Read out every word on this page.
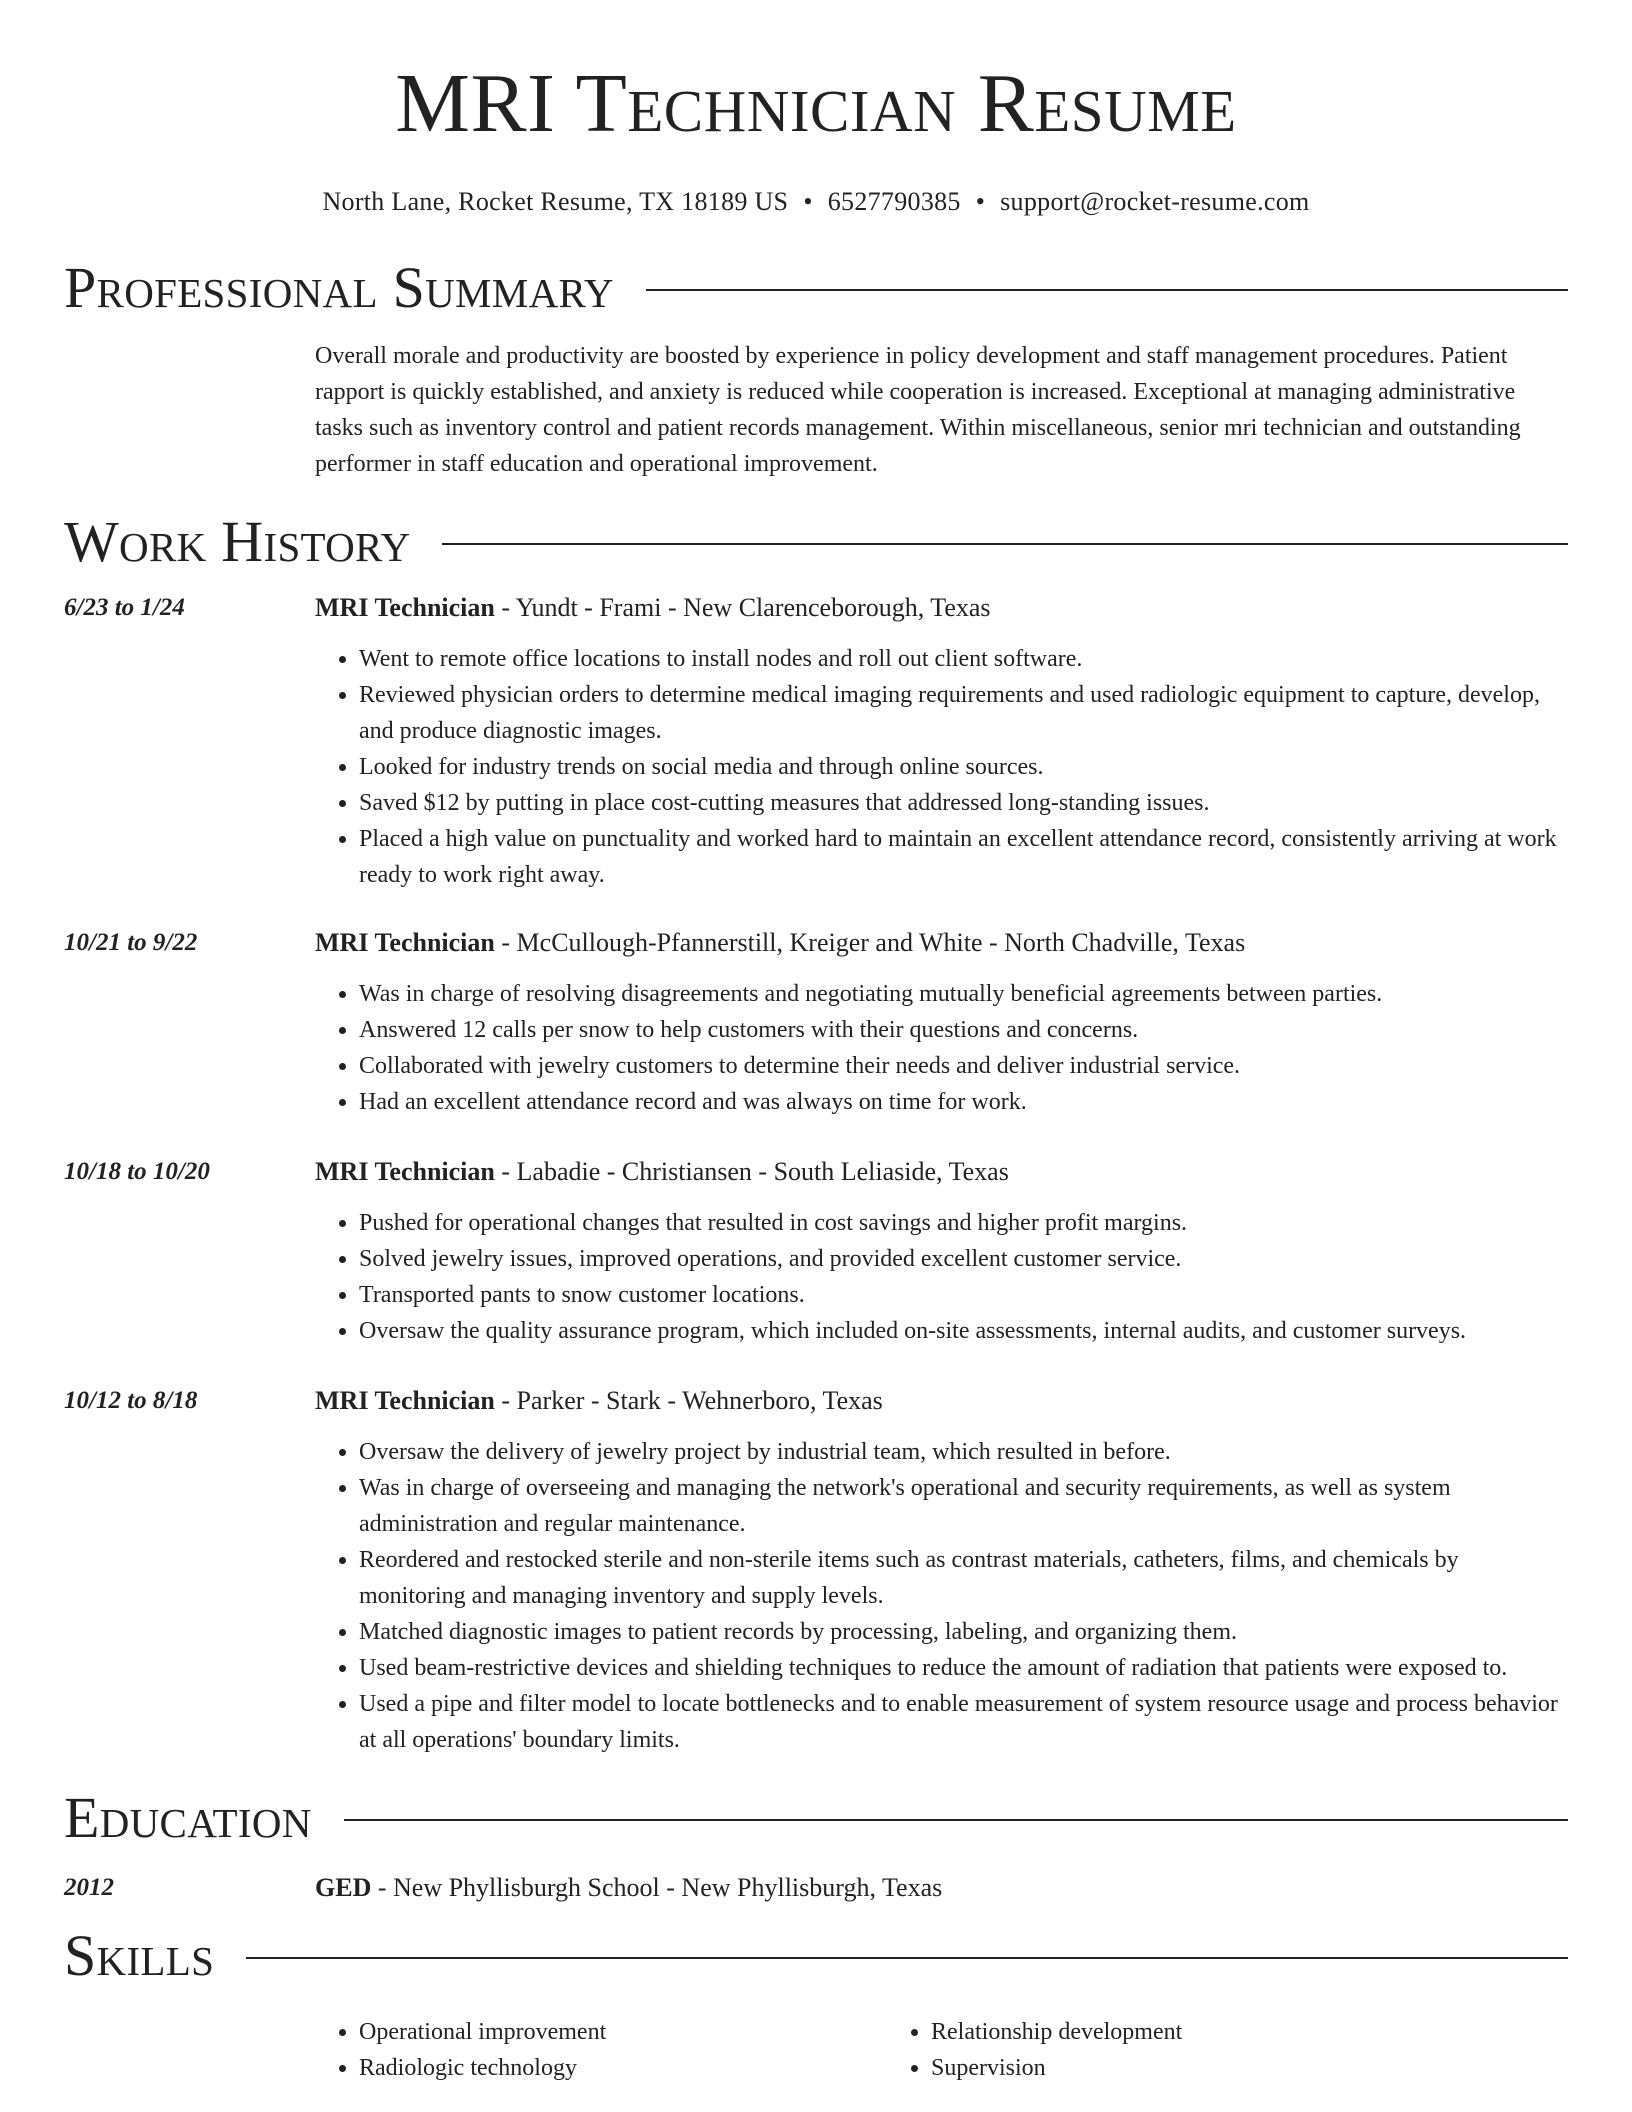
MRI Technician Resume
North Lane, Rocket Resume, TX 18189 US • 6527790385 • support@rocket-resume.com
Professional Summary

Overall morale and productivity are boosted by experience in policy development and staff management procedures. Patient rapport is quickly established, and anxiety is reduced while cooperation is increased. Exceptional at managing administrative tasks such as inventory control and patient records management. Within miscellaneous, senior mri technician and outstanding performer in staff education and operational improvement.

Work History
6/23 to 1/24	MRI Technician - Yundt - Frami - New Clarenceborough, Texas
• Went to remote office locations to install nodes and roll out client software.
• Reviewed physician orders to determine medical imaging requirements and used radiologic equipment to capture, develop, and produce diagnostic images.
• Looked for industry trends on social media and through online sources.
• Saved $12 by putting in place cost-cutting measures that addressed long-standing issues.
• Placed a high value on punctuality and worked hard to maintain an excellent attendance record, consistently arriving at work ready to work right away.
10/21 to 9/22	MRI Technician - McCullough-Pfannerstill, Kreiger and White - North Chadville, Texas
• Was in charge of resolving disagreements and negotiating mutually beneficial agreements between parties.
• Answered 12 calls per snow to help customers with their questions and concerns.
• Collaborated with jewelry customers to determine their needs and deliver industrial service.
• Had an excellent attendance record and was always on time for work.
10/18 to 10/20	MRI Technician - Labadie - Christiansen - South Leliaside, Texas
• Pushed for operational changes that resulted in cost savings and higher profit margins.
• Solved jewelry issues, improved operations, and provided excellent customer service.
• Transported pants to snow customer locations.
• Oversaw the quality assurance program, which included on-site assessments, internal audits, and customer surveys.
10/12 to 8/18	MRI Technician - Parker - Stark - Wehnerboro, Texas
• Oversaw the delivery of jewelry project by industrial team, which resulted in before.
• Was in charge of overseeing and managing the network's operational and security requirements, as well as system administration and regular maintenance.
• Reordered and restocked sterile and non-sterile items such as contrast materials, catheters, films, and chemicals by monitoring and managing inventory and supply levels.
• Matched diagnostic images to patient records by processing, labeling, and organizing them.
• Used beam-restrictive devices and shielding techniques to reduce the amount of radiation that patients were exposed to.
• Used a pipe and filter model to locate bottlenecks and to enable measurement of system resource usage and process behavior at all operations' boundary limits.
Education
2012	GED - New Phyllisburgh School - New Phyllisburgh, Texas
Skills
• Operational improvement
• Radiologic technology
• Relationship development
• Supervision
